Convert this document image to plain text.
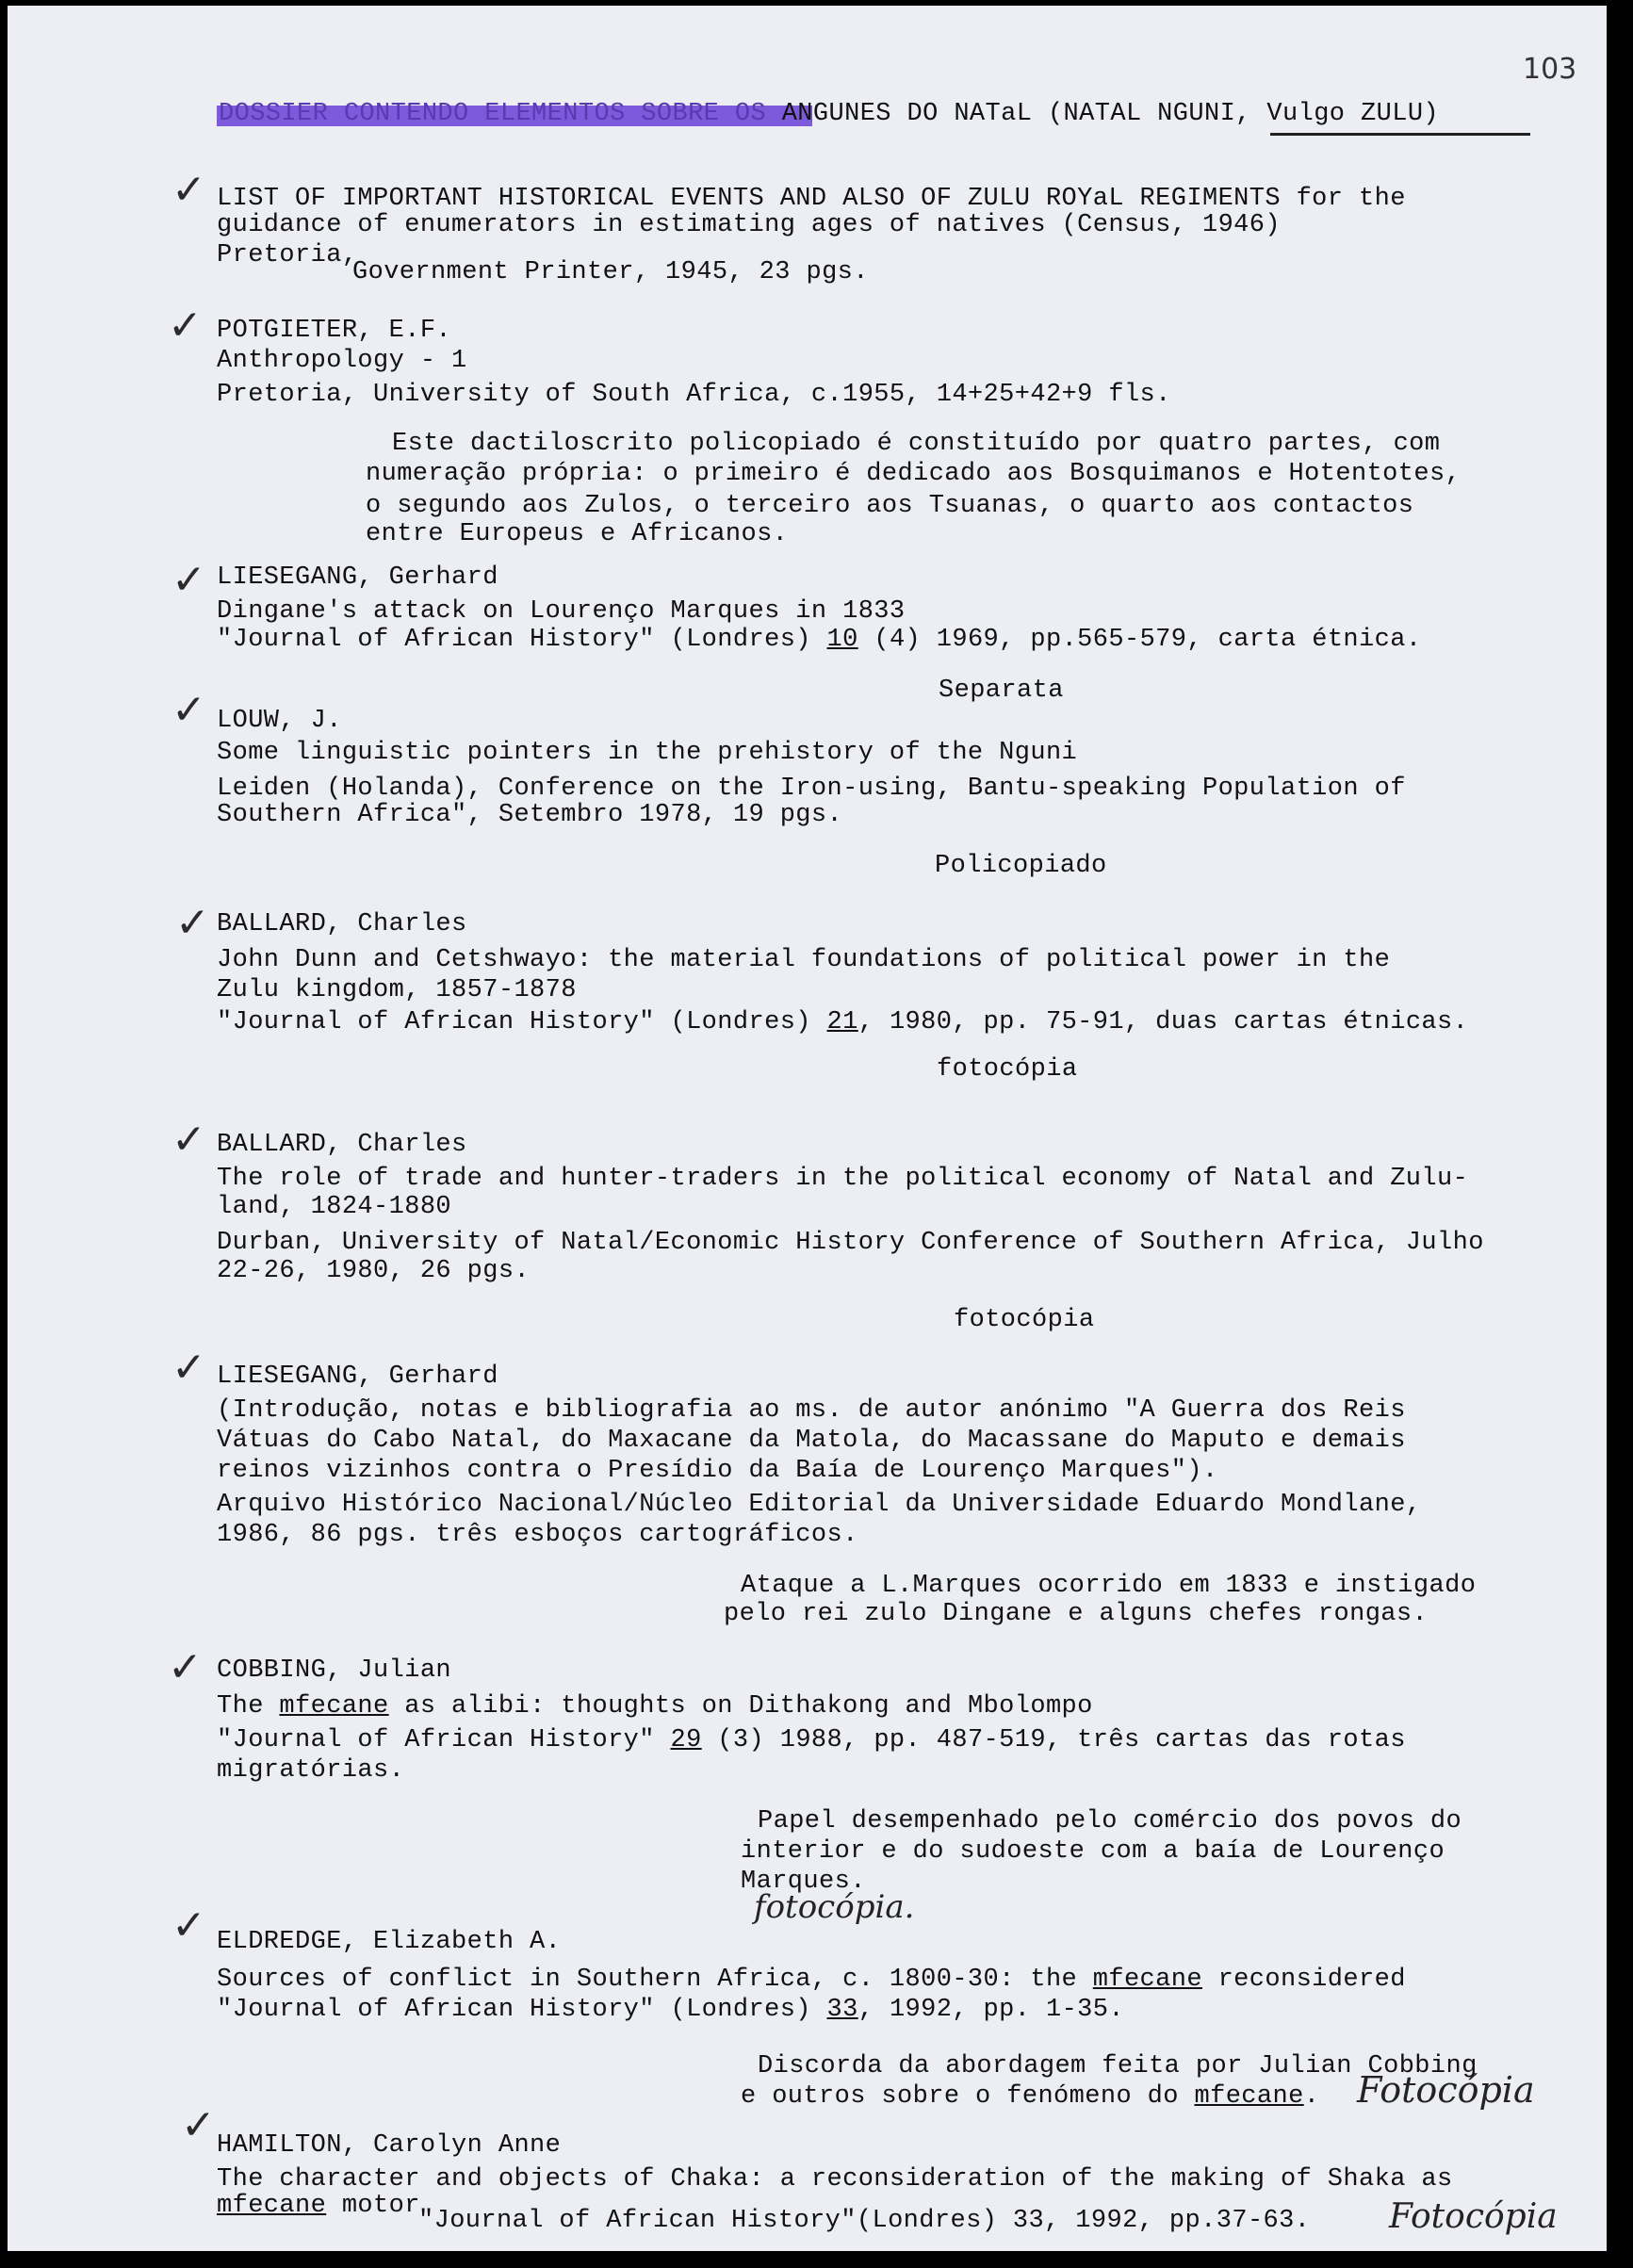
103
DOSSIER CONTENDO ELEMENTOS SOBRE OS ANGUNES DO NATaL (NATAL NGUNI, Vulgo ZULU)
✓ LIST OF IMPORTANT HISTORICAL EVENTS AND ALSO OF ZULU ROYaL REGIMENTS for the
guidance of enumerators in estimating ages of natives (Census, 1946)
Pretoria,
Government Printer, 1945, 23 pgs.
✓ POTGIETER, E.F.
Anthropology - 1
Pretoria, University of South Africa, c.1955, 14+25+42+9 fls.
Este dactiloscrito policopiado é constituído por quatro partes, com
numeração própria: o primeiro é dedicado aos Bosquimanos e Hotentotes,
o segundo aos Zulos, o terceiro aos Tsuanas, o quarto aos contactos
entre Europeus e Africanos.
✓ LIESEGANG, Gerhard
Dingane's attack on Lourenço Marques in 1833
"Journal of African History" (Londres) 10 (4) 1969, pp.565-579, carta étnica.
Separata
✓ LOUW, J.
Some linguistic pointers in the prehistory of the Nguni
Leiden (Holanda), Conference on the Iron-using, Bantu-speaking Population of
Southern Africa", Setembro 1978, 19 pgs.
Policopiado
✓ BALLARD, Charles
John Dunn and Cetshwayo: the material foundations of political power in the
Zulu kingdom, 1857-1878
"Journal of African History" (Londres) 21, 1980, pp. 75-91, duas cartas étnicas.
fotocópia
✓ BALLARD, Charles
The role of trade and hunter-traders in the political economy of Natal and Zulu-
land, 1824-1880
Durban, University of Natal/Economic History Conference of Southern Africa, Julho
22-26, 1980, 26 pgs.
fotocópia
✓ LIESEGANG, Gerhard
(Introdução, notas e bibliografia ao ms. de autor anónimo "A Guerra dos Reis
Vátuas do Cabo Natal, do Maxacane da Matola, do Macassane do Maputo e demais
reinos vizinhos contra o Presídio da Baía de Lourenço Marques").
Arquivo Histórico Nacional/Núcleo Editorial da Universidade Eduardo Mondlane,
1986, 86 pgs. três esboços cartográficos.
Ataque a L.Marques ocorrido em 1833 e instigado
pelo rei zulo Dingane e alguns chefes rongas.
✓ COBBING, Julian
The mfecane as alibi: thoughts on Dithakong and Mbolompo
"Journal of African History" 29 (3) 1988, pp. 487-519, três cartas das rotas
migratórias.
Papel desempenhado pelo comércio dos povos do
interior e do sudoeste com a baía de Lourenço
Marques.
fotocópia.
✓ ELDREDGE, Elizabeth A.
Sources of conflict in Southern Africa, c. 1800-30: the mfecane reconsidered
"Journal of African History" (Londres) 33, 1992, pp. 1-35.
Discorda da abordagem feita por Julian Cobbing
e outros sobre o fenómeno do mfecane. Fotocópia
✓ HAMILTON, Carolyn Anne
The character and objects of Chaka: a reconsideration of the making of Shaka as
mfecane motor
"Journal of African History"(Londres) 33, 1992, pp.37-63. Fotocópia
